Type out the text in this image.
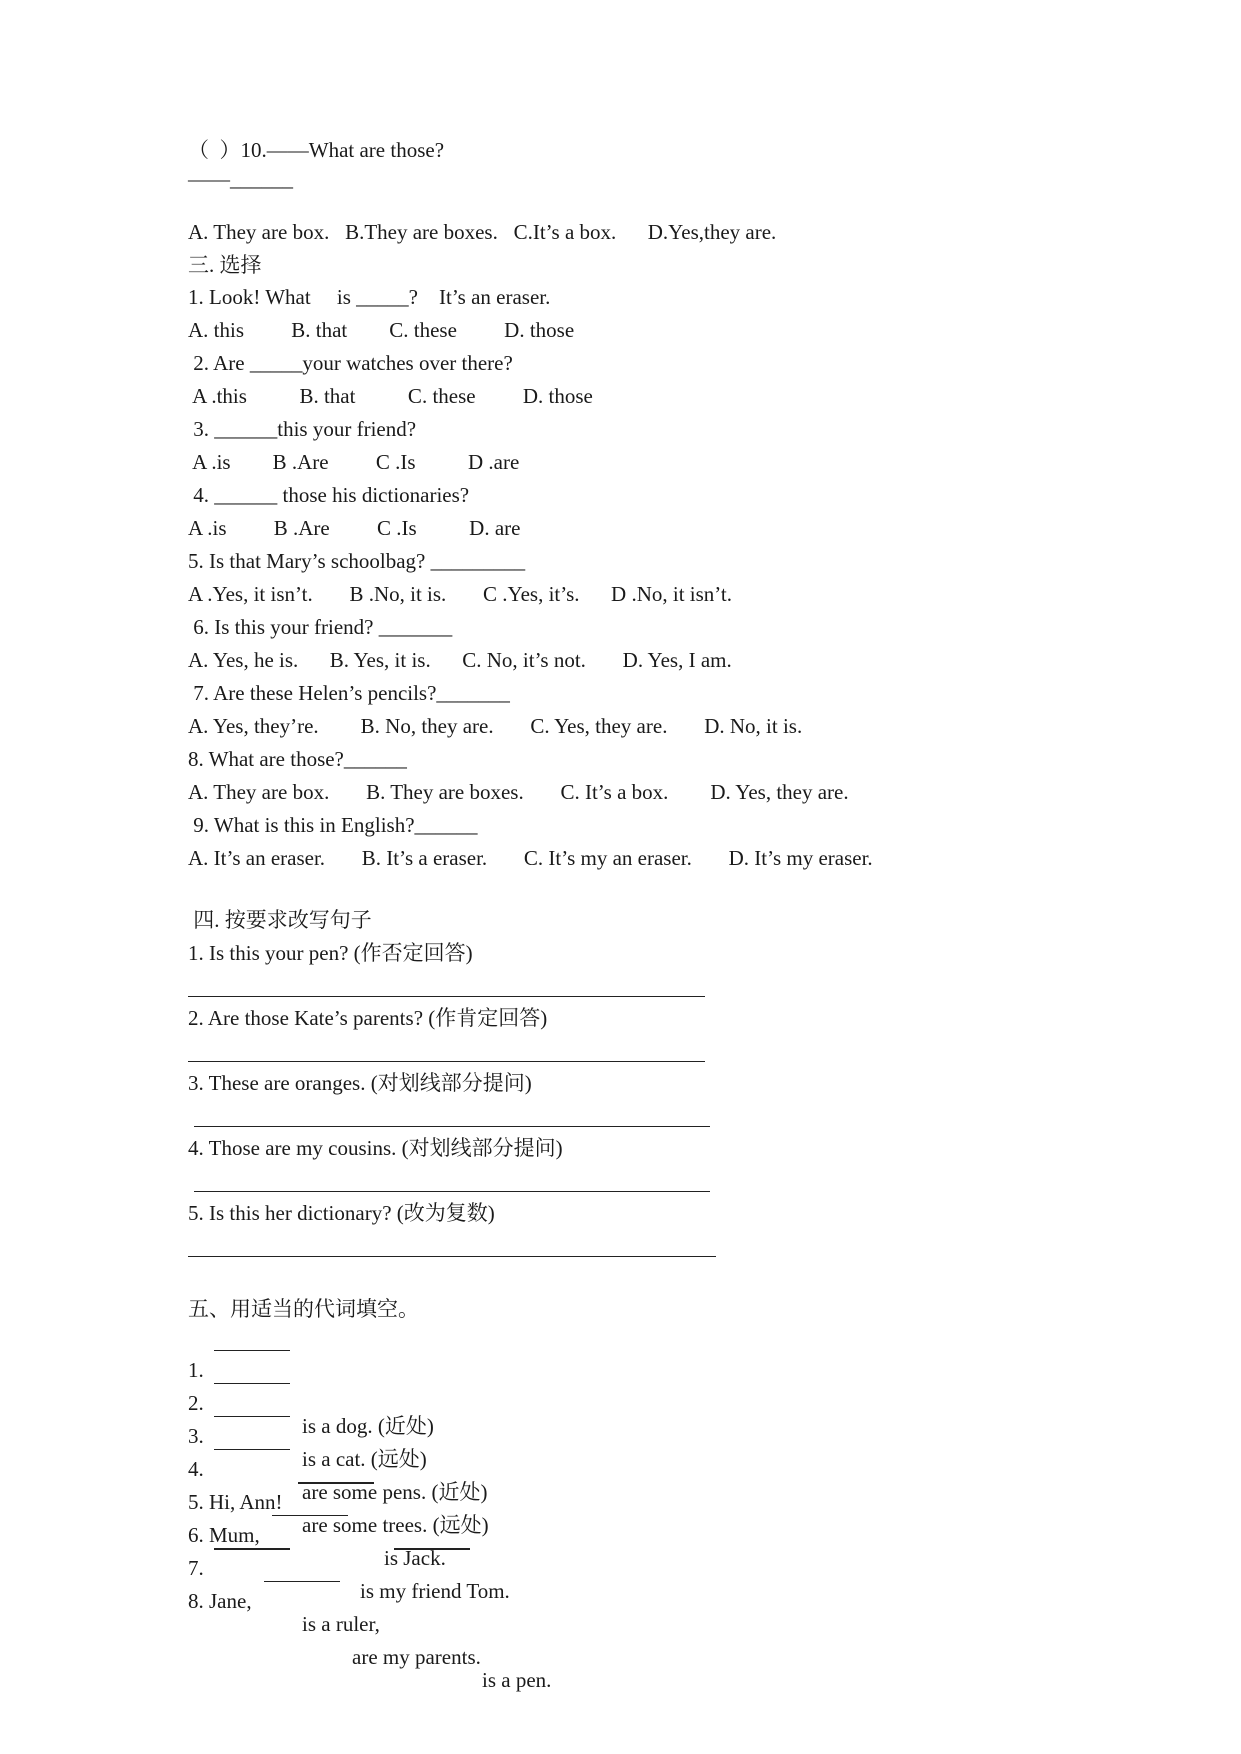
（  ）10.——What are those?
——______
A. They are box.   B.They are boxes.   C.It’s a box.      D.Yes,they are.
三. 选择
1. Look! What     is _____?    It’s an eraser.
A. this         B. that        C. these         D. those
2. Are _____your watches over there?
A .this          B. that          C. these         D. those
3. ______this your friend?
A .is        B .Are         C .Is          D .are
4. ______ those his dictionaries?
A .is         B .Are         C .Is          D. are
5. Is that Mary’s schoolbag? _________
A .Yes, it isn’t.       B .No, it is.       C .Yes, it’s.      D .No, it isn’t.
6. Is this your friend? _______
A. Yes, he is.      B. Yes, it is.      C. No, it’s not.       D. Yes, I am.
7. Are these Helen’s pencils?_______
A. Yes, they’re.        B. No, they are.       C. Yes, they are.       D. No, it is.
8. What are those?______
A. They are box.       B. They are boxes.       C. It’s a box.        D. Yes, they are.
9. What is this in English?______
A. It’s an eraser.       B. It’s a eraser.       C. It’s my an eraser.       D. It’s my eraser.
四. 按要求改写句子
1. Is this your pen? (作否定回答)
2. Are those Kate’s parents? (作肯定回答)
3. These are oranges. (对划线部分提问)
4. Those are my cousins. (对划线部分提问)
5. Is this her dictionary? (改为复数)
五、用适当的代词填空。

1.

is a dog. (近处)

2.

is a cat. (远处)

3.

are some pens. (近处)

4.

are some trees. (远处)

5. Hi, Ann!

is Jack.

6. Mum,

is my friend Tom.

7.

is a ruler,

is a pen.

8. Jane,

are my parents.
